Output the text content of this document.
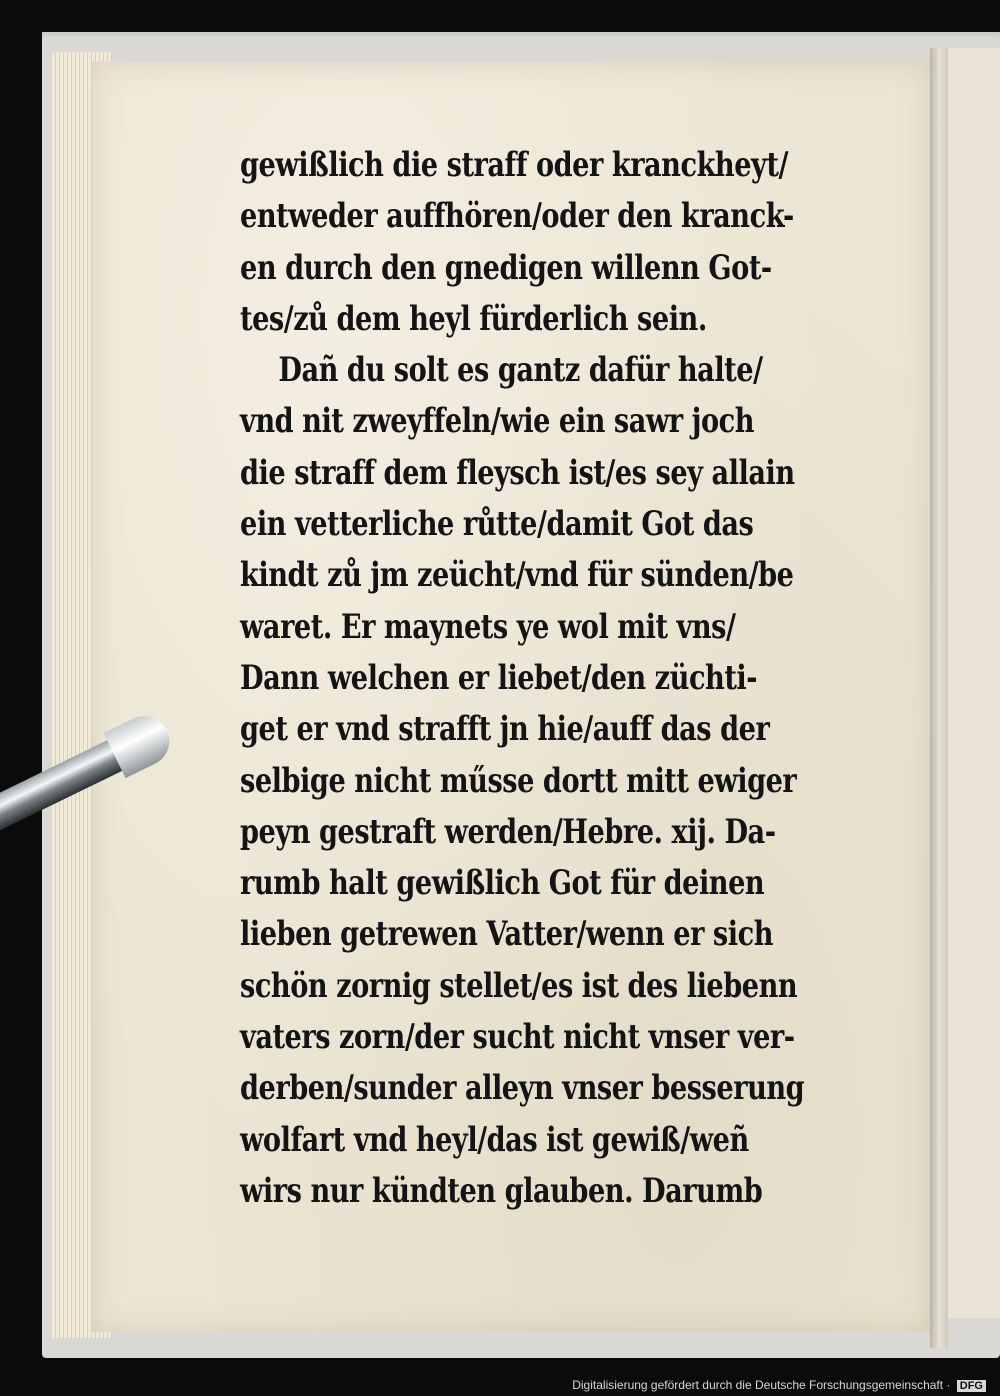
gewißlich die straff oder kranckheyt/
entweder auffhören/oder den kranck-
en durch den gnedigen willenn Got-
tes/zů dem heyl fürderlich sein.
Dañ du solt es gantz dafür halte/
vnd nit zweyffeln/wie ein sawr joch
die straff dem fleysch ist/es sey allain
ein vetterliche růtte/damit Got das
kindt zů jm zeücht/vnd für sünden/be
waret. Er maynets ye wol mit vns/
Dann welchen er liebet/den züchti-
get er vnd strafft jn hie/auff das der
selbige nicht műsse dortt mitt ewiger
peyn gestraft werden/Hebre. xij. Da-
rumb halt gewißlich Got für deinen
lieben getrewen Vatter/wenn er sich
schön zornig stellet/es ist des liebenn
vaters zorn/der sucht nicht vnser ver-
derben/sunder alleyn vnser besserung
wolfart vnd heyl/das ist gewiß/weñ
wirs nur kündten glauben. Darumb
Digitalisierung gefördert durch die Deutsche Forschungsgemeinschaft · DFG
